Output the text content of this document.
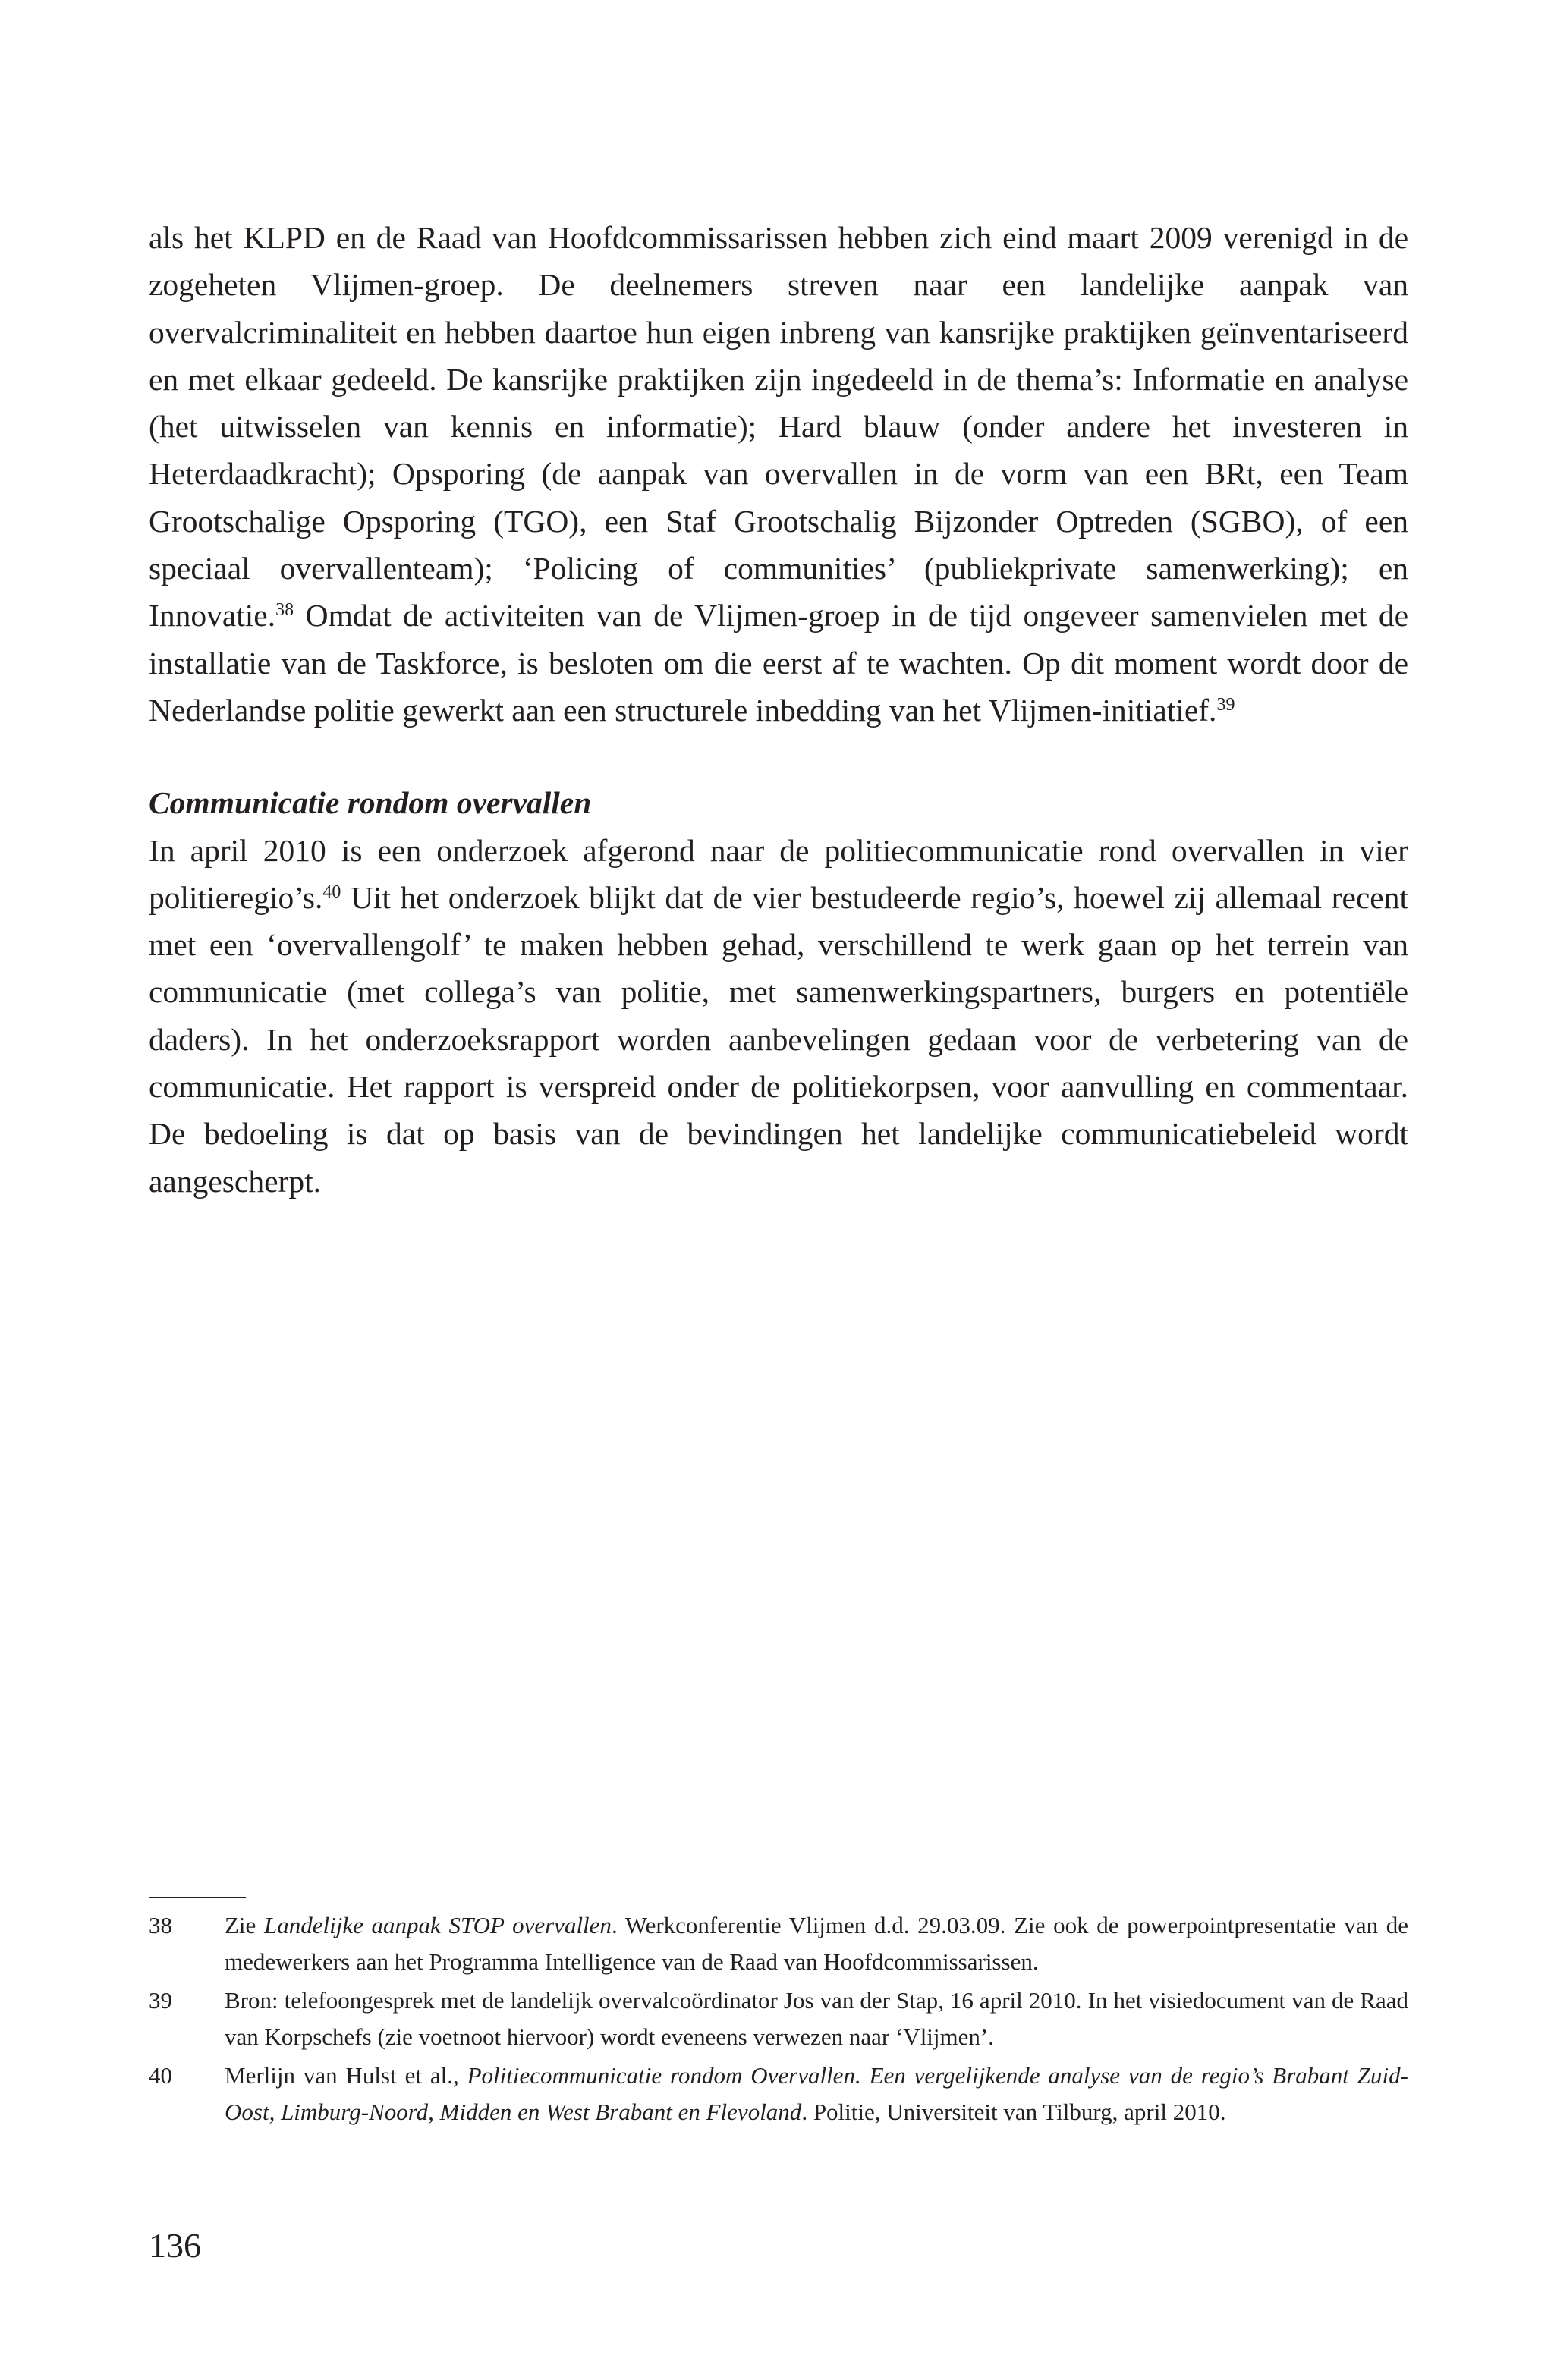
als het KLPD en de Raad van Hoofdcommissarissen hebben zich eind maart 2009 verenigd in de zogeheten Vlijmen-groep. De deelnemers streven naar een landelijke aanpak van overvalcriminaliteit en hebben daartoe hun eigen inbreng van kansrijke praktijken geïnventariseerd en met elkaar gedeeld. De kansrijke praktijken zijn ingedeeld in de thema’s: Informatie en analyse (het uitwisselen van kennis en informatie); Hard blauw (onder andere het investeren in Heterdaadkracht); Opsporing (de aanpak van overvallen in de vorm van een BRt, een Team Grootschalige Opsporing (TGO), een Staf Grootschalig Bijzonder Optreden (SGBO), of een speciaal overvallenteam); ‘Policing of communities’ (publiekprivate samenwerking); en Innovatie.$^{38}$ Omdat de activiteiten van de Vlijmen-groep in de tijd ongeveer samenvielen met de installatie van de Taskforce, is besloten om die eerst af te wachten. Op dit moment wordt door de Nederlandse politie gewerkt aan een structurele inbedding van het Vlijmen-initiatief.$^{39}$

Communicatie rondom overvallen

In april 2010 is een onderzoek afgerond naar de politiecommunicatie rond overvallen in vier politieregio’s.$^{40}$ Uit het onderzoek blijkt dat de vier bestudeerde regio’s, hoewel zij allemaal recent met een ‘overvallengolf’ te maken hebben gehad, verschillend te werk gaan op het terrein van communicatie (met collega’s van politie, met samenwerkingspartners, burgers en potentiële daders). In het onderzoeksrapport worden aanbevelingen gedaan voor de verbetering van de communicatie. Het rapport is verspreid onder de politiekorpsen, voor aanvulling en commentaar. De bedoeling is dat op basis van de bevindingen het landelijke communicatiebeleid wordt aangescherpt.

38	Zie Landelijke aanpak STOP overvallen. Werkconferentie Vlijmen d.d. 29.03.09. Zie ook de powerpointpresentatie van de medewerkers aan het Programma Intelligence van de Raad van Hoofdcommissarissen.
39	Bron: telefoongesprek met de landelijk overvalcoördinator Jos van der Stap, 16 april 2010. In het visiedocument van de Raad van Korpschefs (zie voetnoot hiervoor) wordt eveneens verwezen naar ‘Vlijmen’.
40	Merlijn van Hulst et al., Politiecommunicatie rondom Overvallen. Een vergelijkende analyse van de regio’s Brabant Zuid-Oost, Limburg-Noord, Midden en West Brabant en Flevoland. Politie, Universiteit van Tilburg, april 2010.
136
